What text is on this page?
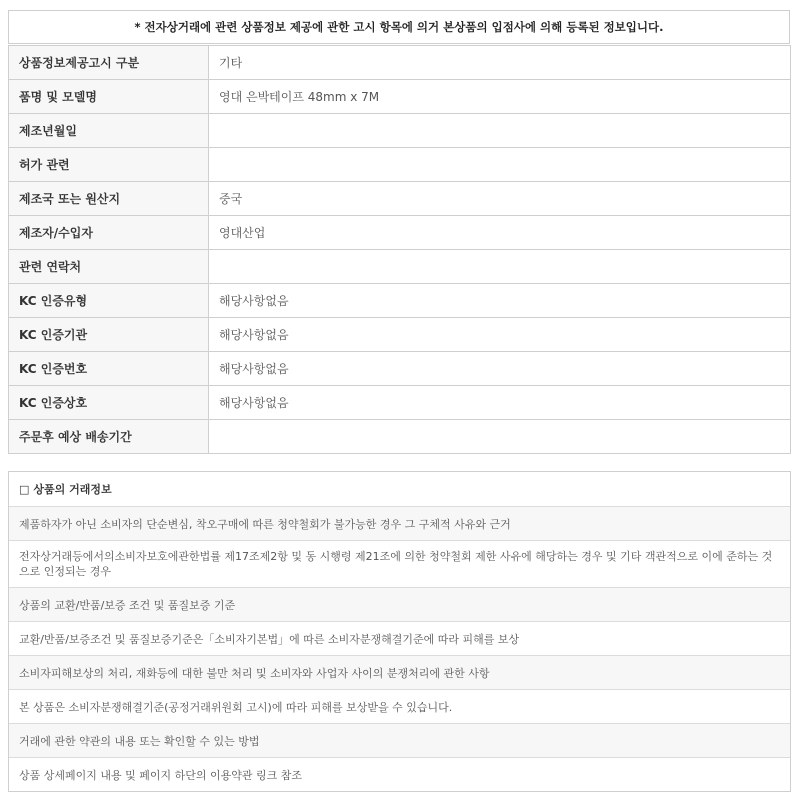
* 전자상거래에 관련 상품정보 제공에 관한 고시 항목에 의거 본상품의 입점사에 의해 등록된 정보입니다.
상품정보제공고시 구분	기타
품명 및 모델명	영대 은박테이프 48mm x 7M
제조년월일	
허가 관련	
제조국 또는 원산지	중국
제조자/수입자	영대산업
관련 연락처	
KC 인증유형	해당사항없음
KC 인증기관	해당사항없음
KC 인증번호	해당사항없음
KC 인증상호	해당사항없음
주문후 예상 배송기간	
□ 상품의 거래정보
제품하자가 아닌 소비자의 단순변심, 착오구매에 따른 청약철회가 불가능한 경우 그 구체적 사유와 근거
전자상거래등에서의소비자보호에관한법률 제17조제2항 및 동 시행령 제21조에 의한 청약철회 제한 사유에 해당하는 경우 및 기타 객관적으로 이에 준하는 것으로 인정되는 경우
상품의 교환/반품/보증 조건 및 품질보증 기준
교환/반품/보증조건 및 품질보증기준은「소비자기본법」에 따른 소비자분쟁해결기준에 따라 피해를 보상
소비자피해보상의 처리, 재화등에 대한 불만 처리 및 소비자와 사업자 사이의 분쟁처리에 관한 사항
본 상품은 소비자분쟁해결기준(공정거래위원회 고시)에 따라 피해를 보상받을 수 있습니다.
거래에 관한 약관의 내용 또는 확인할 수 있는 방법
상품 상세페이지 내용 및 페이지 하단의 이용약관 링크 참조
